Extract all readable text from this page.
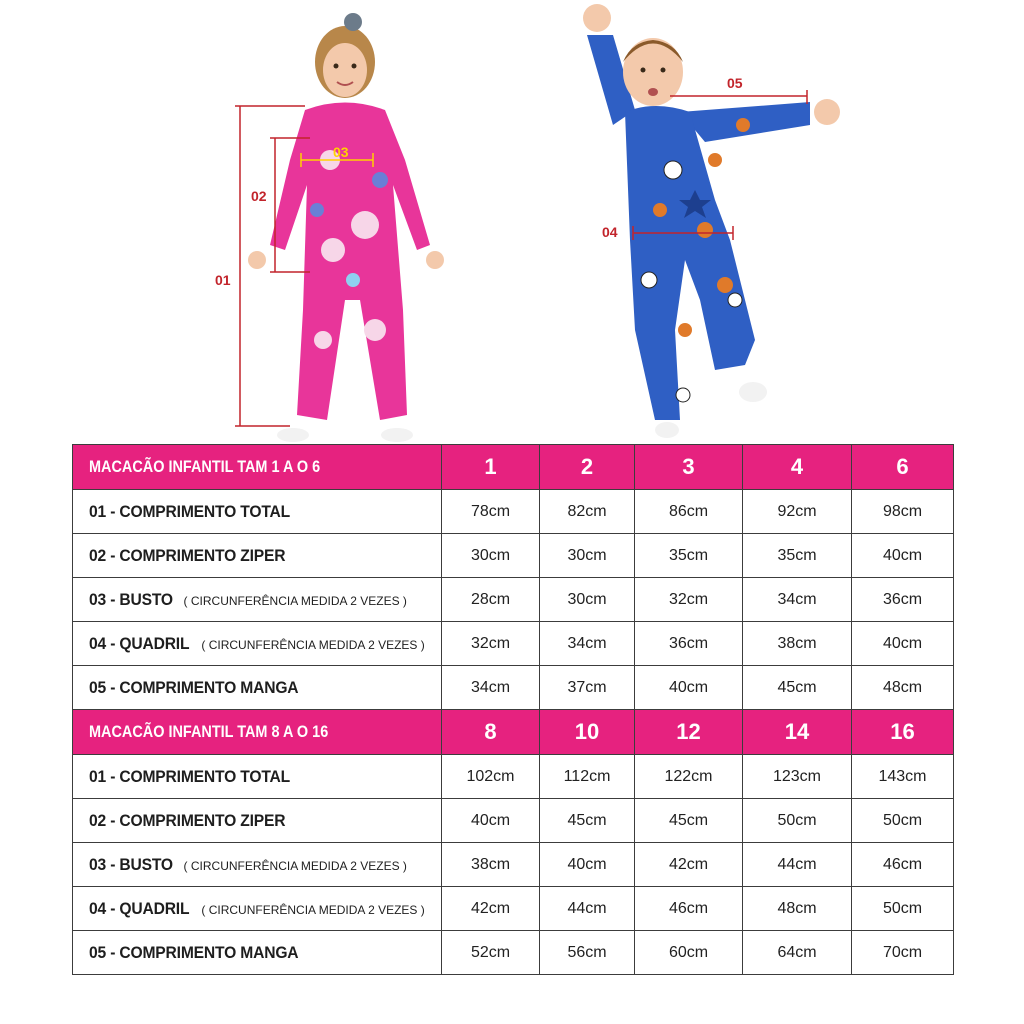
01
02
03
05
04
MACACÃO INFANTIL TAM 1 A O 6	1	2	3	4	6
01 - COMPRIMENTO TOTAL	78cm	82cm	86cm	92cm	98cm
02 - COMPRIMENTO ZIPER	30cm	30cm	35cm	35cm	40cm
03 - BUSTO ( CIRCUNFERÊNCIA MEDIDA 2 VEZES )	28cm	30cm	32cm	34cm	36cm
04 - QUADRIL ( CIRCUNFERÊNCIA MEDIDA 2 VEZES )	32cm	34cm	36cm	38cm	40cm
05 - COMPRIMENTO MANGA	34cm	37cm	40cm	45cm	48cm
MACACÃO INFANTIL TAM 8 A O 16	8	10	12	14	16
01 - COMPRIMENTO TOTAL	102cm	112cm	122cm	123cm	143cm
02 - COMPRIMENTO ZIPER	40cm	45cm	45cm	50cm	50cm
03 - BUSTO ( CIRCUNFERÊNCIA MEDIDA 2 VEZES )	38cm	40cm	42cm	44cm	46cm
04 - QUADRIL ( CIRCUNFERÊNCIA MEDIDA 2 VEZES )	42cm	44cm	46cm	48cm	50cm
05 - COMPRIMENTO MANGA	52cm	56cm	60cm	64cm	70cm
